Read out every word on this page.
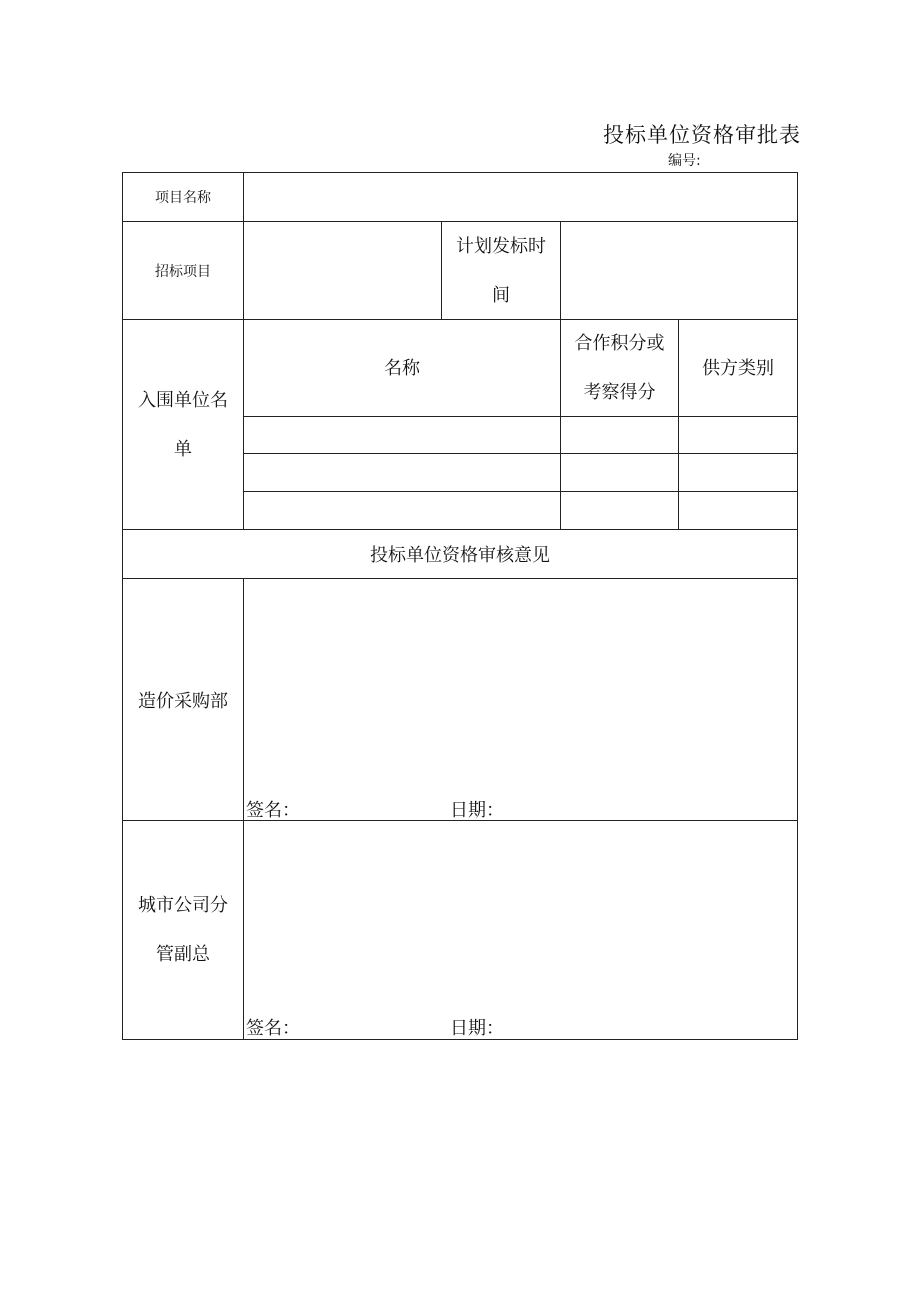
投标单位资格审批表
编号:
项目名称
招标项目
计划发标时
间
入围单位名
单
名称
合作积分或
考察得分
供方类别
投标单位资格审核意见
造价采购部
签名：	日期：
城市公司分
管副总
签名：	日期：
